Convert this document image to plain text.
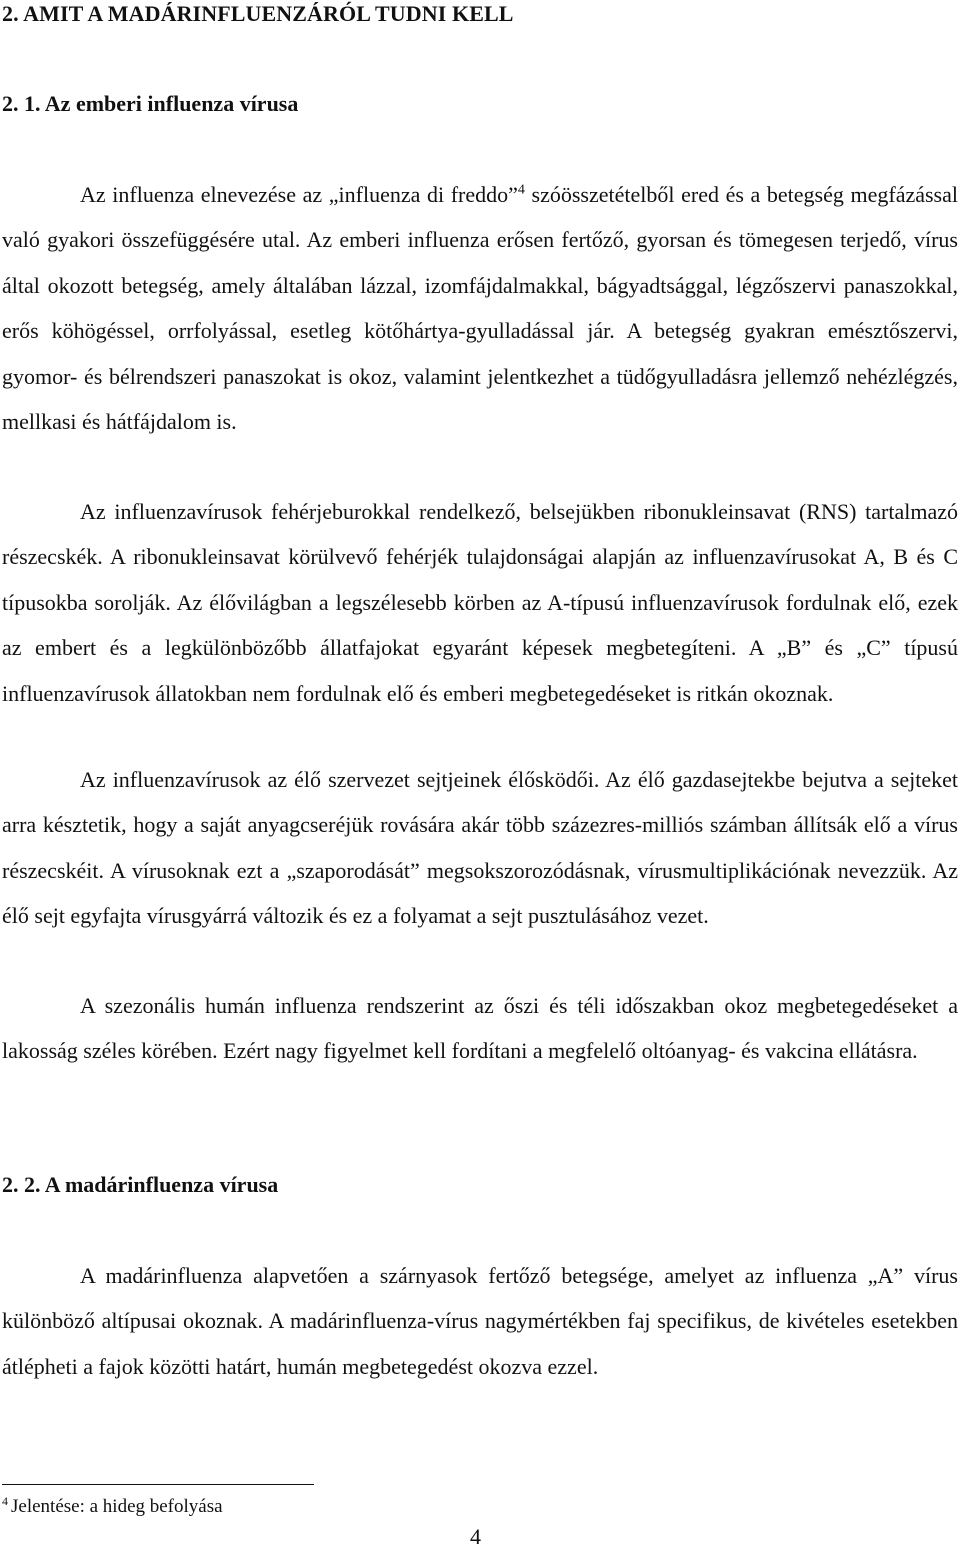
2. AMIT A MADÁRINFLUENZÁRÓL TUDNI KELL
2. 1. Az emberi influenza vírusa

Az influenza elnevezése az „influenza di freddo”$^4$ szóösszetételből ered és a betegség megfázással való gyakori összefüggésére utal. Az emberi influenza erősen fertőző, gyorsan és tömegesen terjedő, vírus által okozott betegség, amely általában lázzal, izomfájdalmakkal, bágyadtsággal, légzőszervi panaszokkal, erős köhögéssel, orrfolyással, esetleg kötőhártya-gyulladással jár. A betegség gyakran emésztőszervi, gyomor- és bélrendszeri panaszokat is okoz, valamint jelentkezhet a tüdőgyulladásra jellemző nehézlégzés, mellkasi és hátfájdalom is.

Az influenzavírusok fehérjeburokkal rendelkező, belsejükben ribonukleinsavat (RNS) tartalmazó részecskék. A ribonukleinsavat körülvevő fehérjék tulajdonságai alapján az influenzavírusokat A, B és C típusokba sorolják. Az élővilágban a legszélesebb körben az A-típusú influenzavírusok fordulnak elő, ezek az embert és a legkülönbözőbb állatfajokat egyaránt képesek megbetegíteni. A „B” és „C” típusú influenzavírusok állatokban nem fordulnak elő és emberi megbetegedéseket is ritkán okoznak.

Az influenzavírusok az élő szervezet sejtjeinek élősködői. Az élő gazdasejtekbe bejutva a sejteket arra késztetik, hogy a saját anyagcseréjük rovására akár több százezres-milliós számban állítsák elő a vírus részecskéit. A vírusoknak ezt a „szaporodását” megsokszorozódásnak, vírusmultiplikációnak nevezzük. Az élő sejt egyfajta vírusgyárrá változik és ez a folyamat a sejt pusztulásához vezet.

A szezonális humán influenza rendszerint az őszi és téli időszakban okoz megbetegedéseket a lakosság széles körében. Ezért nagy figyelmet kell fordítani a megfelelő oltóanyag- és vakcina ellátásra.

2. 2. A madárinfluenza vírusa

A madárinfluenza alapvetően a szárnyasok fertőző betegsége, amelyet az influenza „A” vírus különböző altípusai okoznak. A madárinfluenza-vírus nagymértékben faj specifikus, de kivételes esetekben átlépheti a fajok közötti határt, humán megbetegedést okozva ezzel.

$^4$ Jelentése: a hideg befolyása
4
